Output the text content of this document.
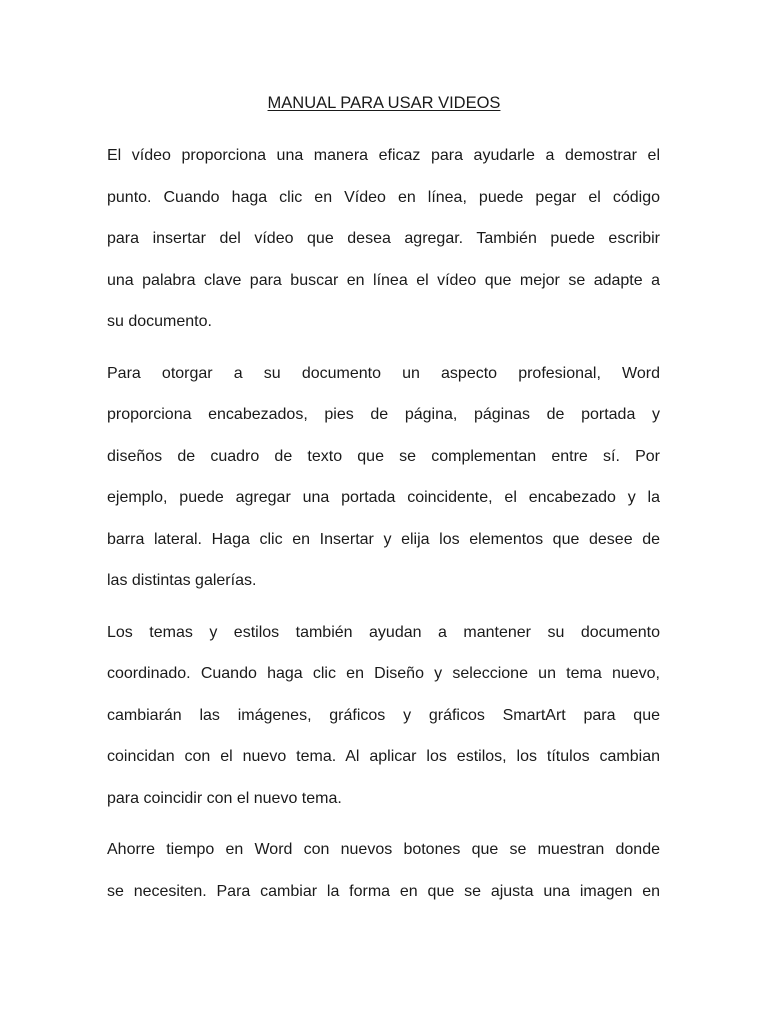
MANUAL PARA USAR VIDEOS
El vídeo proporciona una manera eficaz para ayudarle a demostrar el
punto. Cuando haga clic en Vídeo en línea, puede pegar el código
para insertar del vídeo que desea agregar. También puede escribir
una palabra clave para buscar en línea el vídeo que mejor se adapte a
su documento.
Para otorgar a su documento un aspecto profesional, Word
proporciona encabezados, pies de página, páginas de portada y
diseños de cuadro de texto que se complementan entre sí. Por
ejemplo, puede agregar una portada coincidente, el encabezado y la
barra lateral. Haga clic en Insertar y elija los elementos que desee de
las distintas galerías.
Los temas y estilos también ayudan a mantener su documento
coordinado. Cuando haga clic en Diseño y seleccione un tema nuevo,
cambiarán las imágenes, gráficos y gráficos SmartArt para que
coincidan con el nuevo tema. Al aplicar los estilos, los títulos cambian
para coincidir con el nuevo tema.
Ahorre tiempo en Word con nuevos botones que se muestran donde
se necesiten. Para cambiar la forma en que se ajusta una imagen en
